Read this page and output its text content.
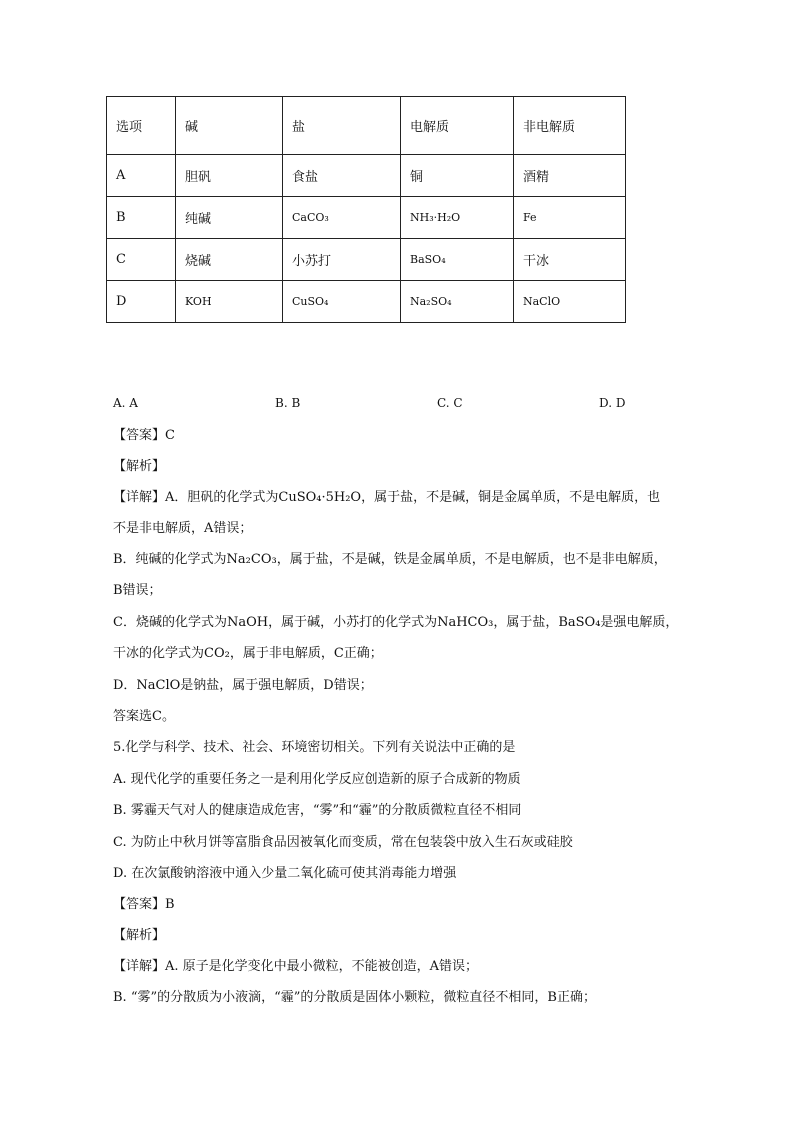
选项	碱	盐	电解质	非电解质
A	胆矾	食盐	铜	酒精
B	纯碱	CaCO₃	NH₃·H₂O	Fe
C	烧碱	小苏打	BaSO₄	干冰
D	KOH	CuSO₄	Na₂SO₄	NaClO
A. A	B. B	C. C	D. D
【答案】C
【解析】
【详解】A．胆矾的化学式为CuSO₄·5H₂O，属于盐，不是碱，铜是金属单质，不是电解质，也
不是非电解质，A错误；
B．纯碱的化学式为Na₂CO₃，属于盐，不是碱，铁是金属单质，不是电解质，也不是非电解质，
B错误；
C．烧碱的化学式为NaOH，属于碱，小苏打的化学式为NaHCO₃，属于盐，BaSO₄是强电解质，
干冰的化学式为CO₂，属于非电解质，C正确；
D．NaClO是钠盐，属于强电解质，D错误；
答案选C。
5.化学与科学、技术、社会、环境密切相关。下列有关说法中正确的是
A. 现代化学的重要任务之一是利用化学反应创造新的原子合成新的物质
B. 雾霾天气对人的健康造成危害，“雾”和“霾”的分散质微粒直径不相同
C. 为防止中秋月饼等富脂食品因被氧化而变质，常在包装袋中放入生石灰或硅胶
D. 在次氯酸钠溶液中通入少量二氧化硫可使其消毒能力增强
【答案】B
【解析】
【详解】A. 原子是化学变化中最小微粒，不能被创造，A错误；
B. “雾”的分散质为小液滴，“霾”的分散质是固体小颗粒，微粒直径不相同，B正确；
